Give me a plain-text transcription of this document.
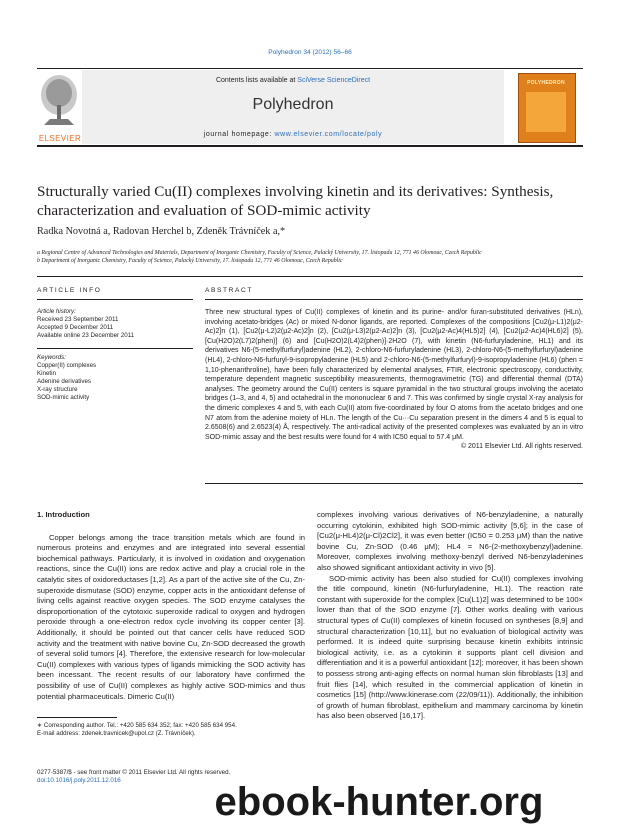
Polyhedron 34 (2012) 56–66
ELSEVIER
Contents lists available at SciVerse ScienceDirect
Polyhedron
journal homepage: www.elsevier.com/locate/poly
POLYHEDRON
Structurally varied Cu(II) complexes involving kinetin and its derivatives: Synthesis, characterization and evaluation of SOD-mimic activity
Radka Novotná a, Radovan Herchel b, Zdeněk Trávníček a,*
a Regional Centre of Advanced Technologies and Materials, Department of Inorganic Chemistry, Faculty of Science, Palacký University, 17. listopadu 12, 771 46 Olomouc, Czech Republic
b Department of Inorganic Chemistry, Faculty of Science, Palacký University, 17. listopadu 12, 771 46 Olomouc, Czech Republic
ARTICLE INFO	ABSTRACT
Article history:
Received 23 September 2011
Accepted 9 December 2011
Available online 23 December 2011
Keywords:
Copper(II) complexes
Kinetin
Adenine derivatives
X-ray structure
SOD-mimic activity
Three new structural types of Cu(II) complexes of kinetin and its purine- and/or furan-substituted derivatives (HLn), involving acetato-bridges (Ac) or mixed N-donor ligands, are reported. Complexes of the compositions [Cu2(μ-L1)2(μ2-Ac)2]n (1), [Cu2(μ-L2)2(μ2-Ac)2]n (2), [Cu2(μ-L3)2(μ2-Ac)2]n (3), [Cu2(μ2-Ac)4(HL5)2] (4), [Cu2(μ2-Ac)4(HL6)2] (5), [Cu(H2O)2(L7)2(phen)] (6) and [Cu(H2O)2(L4)2(phen)]·2H2O (7), with kinetin (N6-furfuryladenine, HL1) and its derivatives N6-(5-methylfurfuryl)adenine (HL2), 2-chloro-N6-furfuryladenine (HL3), 2-chloro-N6-(5-methylfurfuryl)adenine (HL4), 2-chloro-N6-furfuryl-9-isopropyladenine (HL5) and 2-chloro-N6-(5-methylfurfuryl)-9-isopropyladenine (HL6) (phen = 1,10-phenanthroline), have been fully characterized by elemental analyses, FTIR, electronic spectroscopy, conductivity, temperature dependent magnetic susceptibility measurements, thermogravimetric (TG) and differential thermal (DTA) analyses. The geometry around the Cu(II) centers is square pyramidal in the two structural groups involving the acetato bridges (1–3, and 4, 5) and octahedral in the mononuclear 6 and 7. This was confirmed by single crystal X-ray analysis for the dimeric complexes 4 and 5, with each Cu(II) atom five-coordinated by four O atoms from the acetato bridges and one N7 atom from the adenine moiety of HLn. The length of the Cu···Cu separation present in the dimers 4 and 5 is equal to 2.6508(6) and 2.6523(4) Å, respectively. The anti-radical activity of the presented complexes was evaluated by an in vitro SOD-mimic assay and the best results were found for 4 with IC50 equal to 57.4 μM.
© 2011 Elsevier Ltd. All rights reserved.
1. Introduction

Copper belongs among the trace transition metals which are found in numerous proteins and enzymes and are integrated into several essential biochemical pathways. Particularly, it is involved in oxidation and oxygenation reactions, since the Cu(II) ions are redox active and play a crucial role in the catalytic sites of oxidoreductases [1,2]. As a part of the active site of the Cu, Zn-superoxide dismutase (SOD) enzyme, copper acts in the antioxidant defense of living cells against reactive oxygen species. The SOD enzyme catalyses the disproportionation of the cytotoxic superoxide radical to oxygen and hydrogen peroxide through a one-electron redox cycle involving its copper center [3]. Additionally, it should be pointed out that cancer cells have reduced SOD activity and the treatment with native bovine Cu, Zn-SOD decreased the growth of several solid tumors [4]. Therefore, the extensive research for low-molecular Cu(II) complexes with various types of ligands mimicking the SOD activity has been incessant. The recent results of our laboratory have confirmed the possibility of use of Cu(II) complexes as highly active SOD-mimics and thus potential pharmaceuticals. Dimeric Cu(II)

complexes involving various derivatives of N6-benzyladenine, a naturally occurring cytokinin, exhibited high SOD-mimic activity [5,6]; in the case of [Cu2(μ-HL4)2(μ-Cl)2Cl2], it was even better (IC50 = 0.253 μM) than the native bovine Cu, Zn-SOD (0.46 μM); HL4 = N6-(2-methoxybenzyl)adenine. Moreover, complexes involving methoxy-benzyl derived N6-benzyladenines also showed significant antioxidant activity in vivo [5].

SOD-mimic activity has been also studied for Cu(II) complexes involving the title compound, kinetin (N6-furfuryladenine, HL1). The reaction rate constant with superoxide for the complex [Cu(L1)2] was determined to be 100× lower than that of the SOD enzyme [7]. Other works dealing with various structural types of Cu(II) complexes of kinetin focused on syntheses [8,9] and structural characterization [10,11], but no evaluation of biological activity was performed. It is indeed quite surprising because kinetin exhibits intrinsic biological activity, i.e. as a cytokinin it supports plant cell division and differentiation and it is a powerful antioxidant [12]; moreover, it has been shown to possess strong anti-aging effects on normal human skin fibroblasts [13] and fruit flies [14], which resulted in the commercial application of kinetin in cosmetics [15] (http://www.kinerase.com (22/09/11)). Additionally, the inhibition of growth of human fibroblast, epithelium and mammary carcinoma by kinetin has also been observed [16,17].

∗ Corresponding author. Tel.: +420 585 634 352; fax: +420 585 634 954.
E-mail address: zdenek.travnicek@upol.cz (Z. Trávníček).
0277-5387/$ - see front matter © 2011 Elsevier Ltd. All rights reserved.
doi:10.1016/j.poly.2011.12.016	ebook-hunter.org
